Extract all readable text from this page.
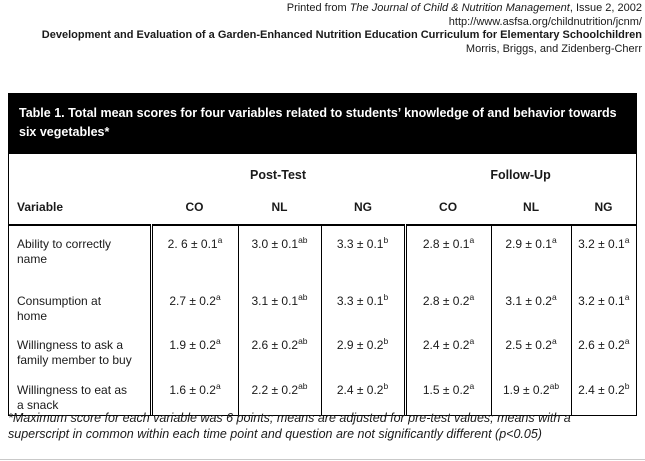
Printed from The Journal of Child & Nutrition Management, Issue 2, 2002
http://www.asfsa.org/childnutrition/jcnm/
Development and Evaluation of a Garden-Enhanced Nutrition Education Curriculum for Elementary Schoolchildren
Morris, Briggs, and Zidenberg-Cherr
Table 1. Total mean scores for four variables related to students’ knowledge of and behavior towards six vegetables*
	Post-Test			Follow-Up		
Variable	CO	NL	NG	CO	NL	NG
Ability to correctly name	2. 6 ± 0.1$^a$	3.0 ± 0.1$^{ab}$	3.3 ± 0.1$^b$	2.8 ± 0.1$^a$	2.9 ± 0.1$^a$	3.2 ± 0.1$^a$
Consumption at home	2.7 ± 0.2$^a$	3.1 ± 0.1$^{ab}$	3.3 ± 0.1$^b$	2.8 ± 0.2$^a$	3.1 ± 0.2$^a$	3.2 ± 0.1$^a$
Willingness to ask a family member to buy	1.9 ± 0.2$^a$	2.6 ± 0.2$^{ab}$	2.9 ± 0.2$^b$	2.4 ± 0.2$^a$	2.5 ± 0.2$^a$	2.6 ± 0.2$^a$
Willingness to eat as a snack	1.6 ± 0.2$^a$	2.2 ± 0.2$^{ab}$	2.4 ± 0.2$^b$	1.5 ± 0.2$^a$	1.9 ± 0.2$^{ab}$	2.4 ± 0.2$^b$

*Maximum score for each variable was 6 points; means are adjusted for pre-test values; means with a superscript in common within each time point and question are not significantly different (p<0.05)
